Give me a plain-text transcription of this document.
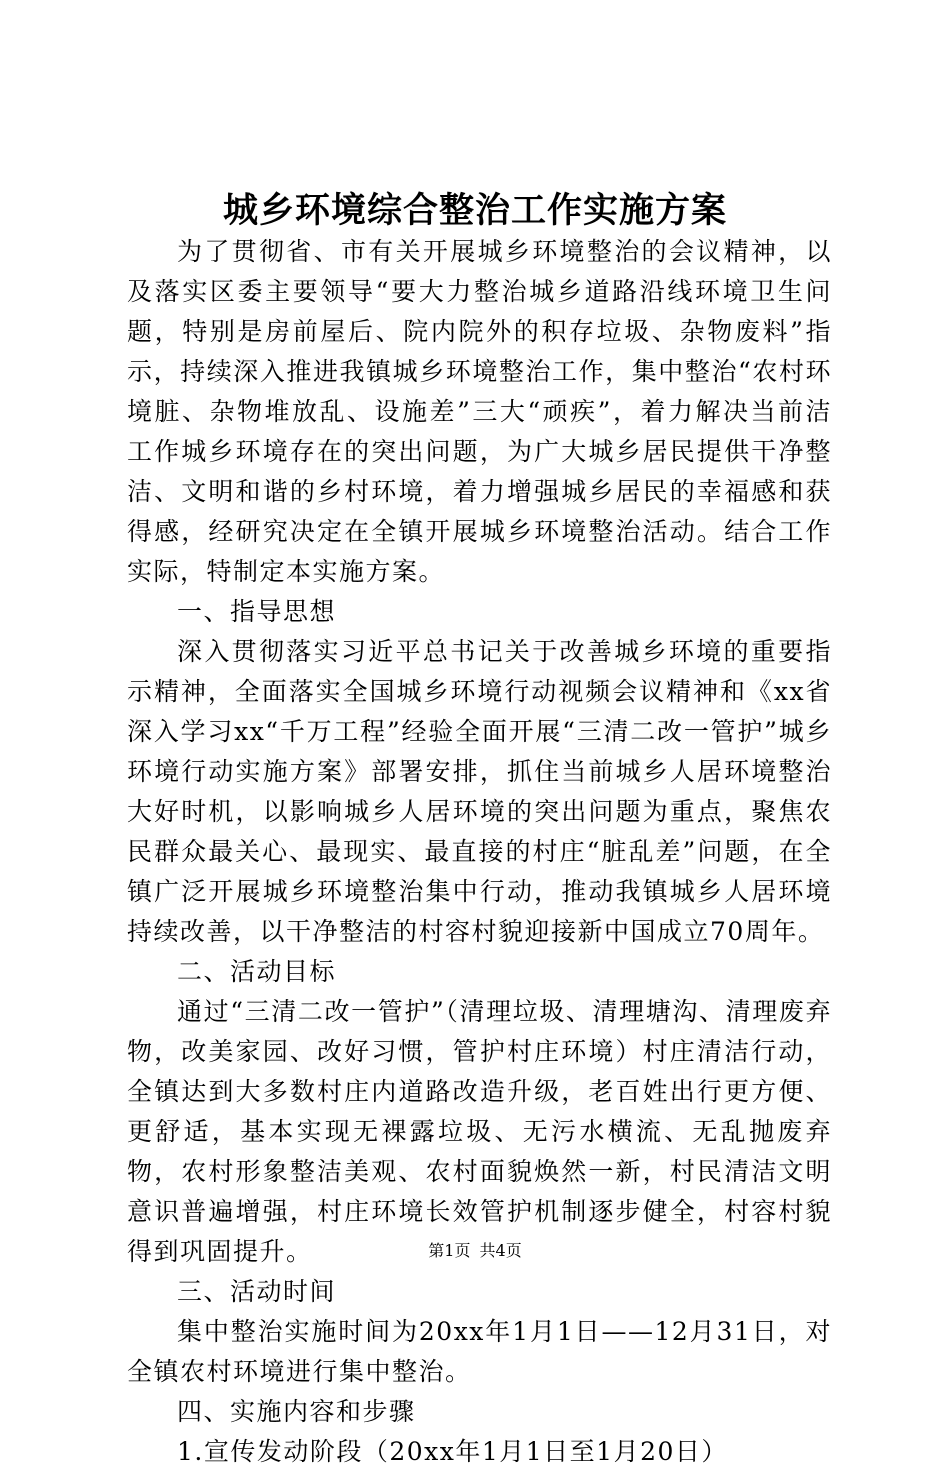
城乡环境综合整治工作实施方案

为了贯彻省、市有关开展城乡环境整治的会议精神，以及落实区委主要领导“要大力整治城乡道路沿线环境卫生问题，特别是房前屋后、院内院外的积存垃圾、杂物废料”指示，持续深入推进我镇城乡环境整治工作，集中整治“农村环境脏、杂物堆放乱、设施差”三大“顽疾”，着力解决当前洁工作城乡环境存在的突出问题，为广大城乡居民提供干净整洁、文明和谐的乡村环境，着力增强城乡居民的幸福感和获得感，经研究决定在全镇开展城乡环境整治活动。结合工作实际，特制定本实施方案。

一、指导思想

深入贯彻落实习近平总书记关于改善城乡环境的重要指示精神，全面落实全国城乡环境行动视频会议精神和《xx省深入学习xx“千万工程”经验全面开展“三清二改一管护”城乡环境行动实施方案》部署安排，抓住当前城乡人居环境整治大好时机，以影响城乡人居环境的突出问题为重点，聚焦农民群众最关心、最现实、最直接的村庄“脏乱差”问题，在全镇广泛开展城乡环境整治集中行动，推动我镇城乡人居环境持续改善，以干净整洁的村容村貌迎接新中国成立70周年。

二、活动目标

通过“三清二改一管护”（清理垃圾、清理塘沟、清理废弃物，改美家园、改好习惯，管护村庄环境）村庄清洁行动，全镇达到大多数村庄内道路改造升级，老百姓出行更方便、更舒适，基本实现无裸露垃圾、无污水横流、无乱抛废弃物，农村形象整洁美观、农村面貌焕然一新，村民清洁文明意识普遍增强，村庄环境长效管护机制逐步健全，村容村貌得到巩固提升。

三、活动时间

集中整治实施时间为20xx年1月1日——12月31日，对全镇农村环境进行集中整治。

四、实施内容和步骤

1.宣传发动阶段（20xx年1月1日至1月20日）

第1页 共4页
